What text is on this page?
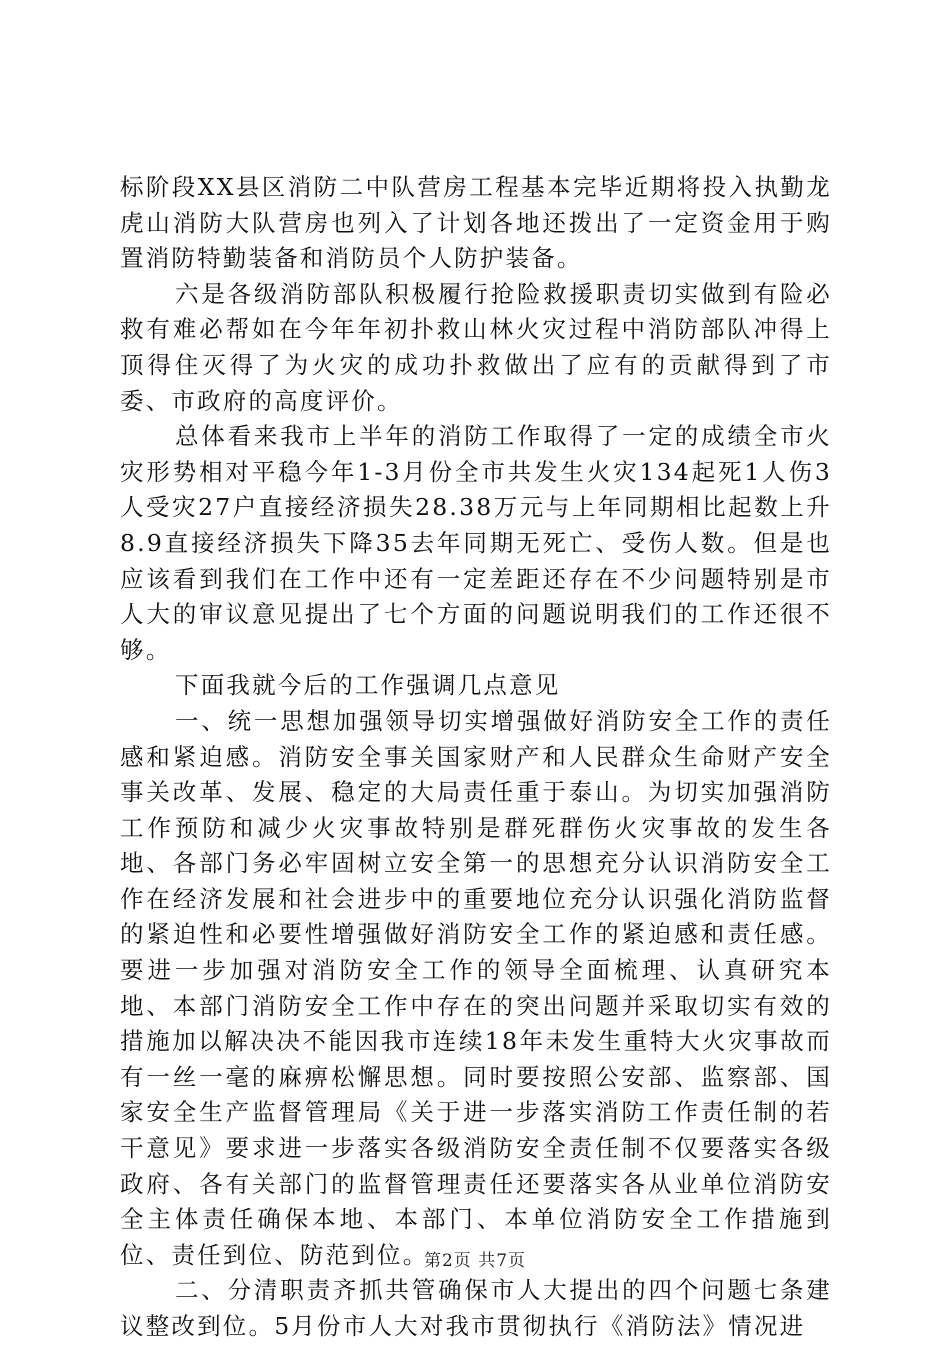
标阶段XX县区消防二中队营房工程基本完毕近期将投入执勤龙虎山消防大队营房也列入了计划各地还拨出了一定资金用于购置消防特勤装备和消防员个人防护装备。

六是各级消防部队积极履行抢险救援职责切实做到有险必救有难必帮如在今年年初扑救山林火灾过程中消防部队冲得上顶得住灭得了为火灾的成功扑救做出了应有的贡献得到了市委、市政府的高度评价。

总体看来我市上半年的消防工作取得了一定的成绩全市火灾形势相对平稳今年1-3月份全市共发生火灾134起死1人伤3人受灾27户直接经济损失28.38万元与上年同期相比起数上升8.9直接经济损失下降35去年同期无死亡、受伤人数。但是也应该看到我们在工作中还有一定差距还存在不少问题特别是市人大的审议意见提出了七个方面的问题说明我们的工作还很不够。

下面我就今后的工作强调几点意见

一、统一思想加强领导切实增强做好消防安全工作的责任感和紧迫感。消防安全事关国家财产和人民群众生命财产安全事关改革、发展、稳定的大局责任重于泰山。为切实加强消防工作预防和减少火灾事故特别是群死群伤火灾事故的发生各地、各部门务必牢固树立安全第一的思想充分认识消防安全工作在经济发展和社会进步中的重要地位充分认识强化消防监督的紧迫性和必要性增强做好消防安全工作的紧迫感和责任感。要进一步加强对消防安全工作的领导全面梳理、认真研究本地、本部门消防安全工作中存在的突出问题并采取切实有效的措施加以解决决不能因我市连续18年未发生重特大火灾事故而有一丝一毫的麻痹松懈思想。同时要按照公安部、监察部、国家安全生产监督管理局《关于进一步落实消防工作责任制的若干意见》要求进一步落实各级消防安全责任制不仅要落实各级政府、各有关部门的监督管理责任还要落实各从业单位消防安全主体责任确保本地、本部门、本单位消防安全工作措施到位、责任到位、防范到位。

二、分清职责齐抓共管确保市人大提出的四个问题七条建议整改到位。5月份市人大对我市贯彻执行《消防法》情况进

第2页 共7页
